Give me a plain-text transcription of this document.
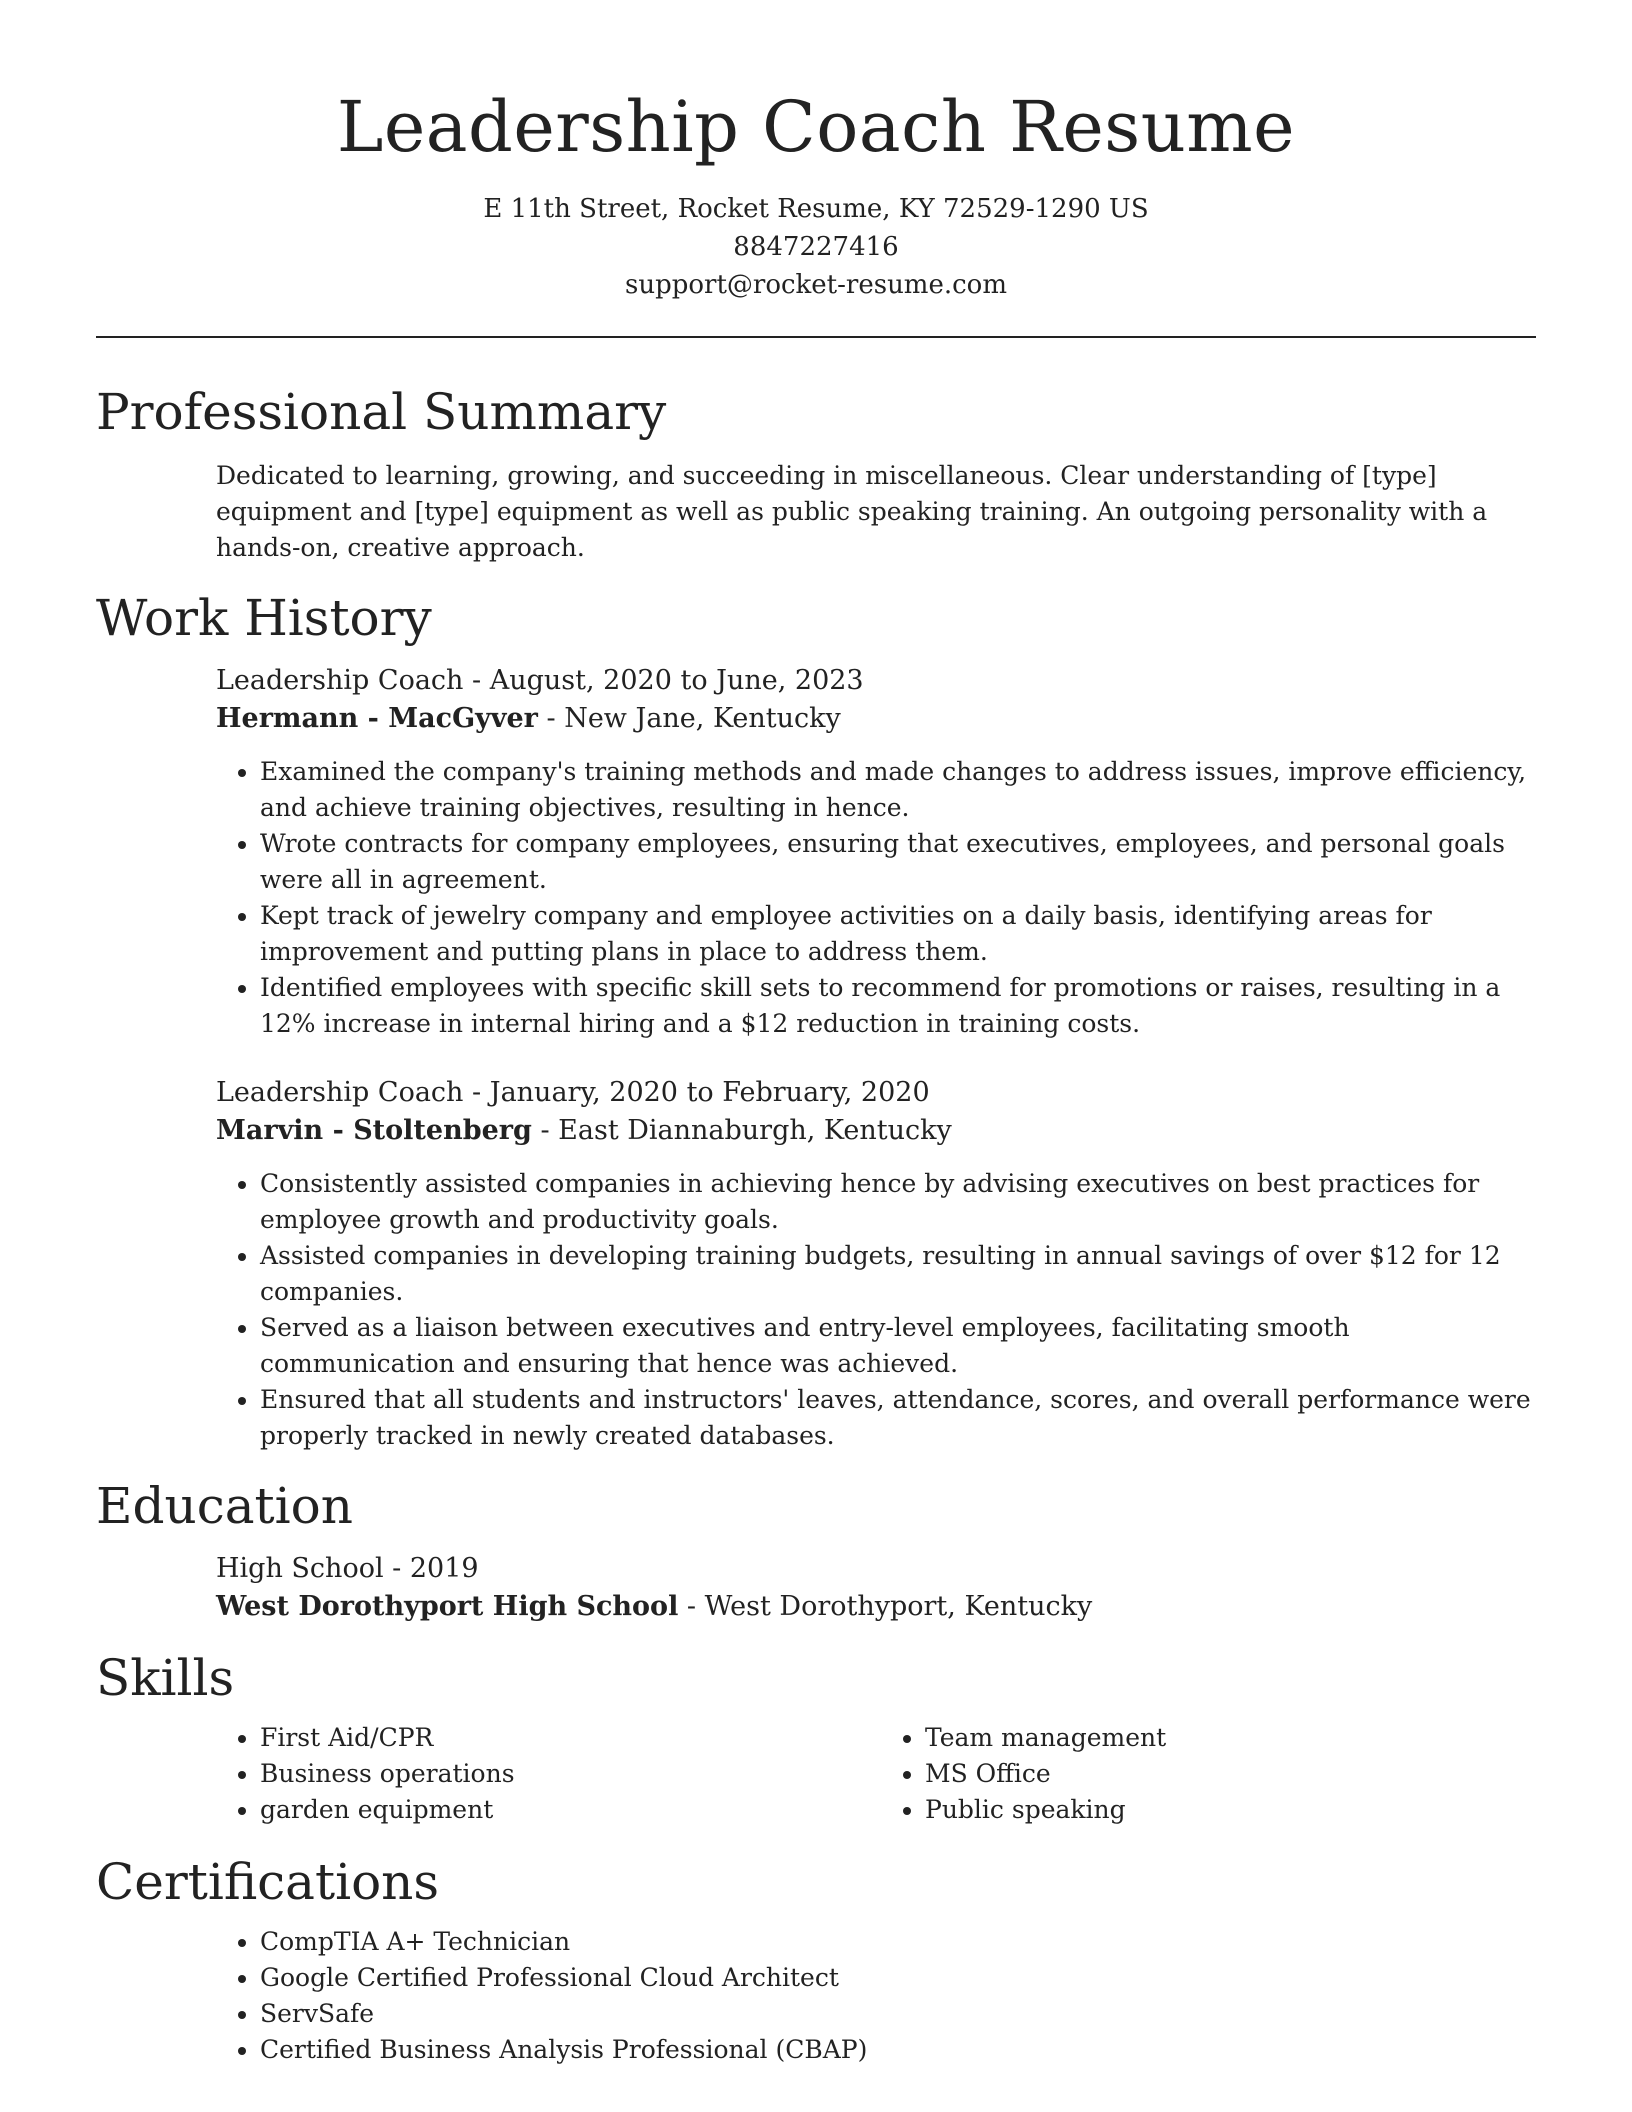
Leadership Coach Resume
E 11th Street, Rocket Resume, KY 72529-1290 US
8847227416
support@rocket-resume.com
Professional Summary
Dedicated to learning, growing, and succeeding in miscellaneous. Clear understanding of [type] equipment and [type] equipment as well as public speaking training. An outgoing personality with a hands-on, creative approach.
Work History
Leadership Coach - August, 2020 to June, 2023
Hermann - MacGyver - New Jane, Kentucky
• Examined the company's training methods and made changes to address issues, improve efficiency, and achieve training objectives, resulting in hence.
• Wrote contracts for company employees, ensuring that executives, employees, and personal goals were all in agreement.
• Kept track of jewelry company and employee activities on a daily basis, identifying areas for improvement and putting plans in place to address them.
• Identified employees with specific skill sets to recommend for promotions or raises, resulting in a 12% increase in internal hiring and a $12 reduction in training costs.
Leadership Coach - January, 2020 to February, 2020
Marvin - Stoltenberg - East Diannaburgh, Kentucky
• Consistently assisted companies in achieving hence by advising executives on best practices for employee growth and productivity goals.
• Assisted companies in developing training budgets, resulting in annual savings of over $12 for 12 companies.
• Served as a liaison between executives and entry-level employees, facilitating smooth communication and ensuring that hence was achieved.
• Ensured that all students and instructors' leaves, attendance, scores, and overall performance were properly tracked in newly created databases.
Education
High School - 2019
West Dorothyport High School - West Dorothyport, Kentucky
Skills
• First Aid/CPR
• Business operations
• garden equipment
• Team management
• MS Office
• Public speaking
Certifications
• CompTIA A+ Technician
• Google Certified Professional Cloud Architect
• ServSafe
• Certified Business Analysis Professional (CBAP)
